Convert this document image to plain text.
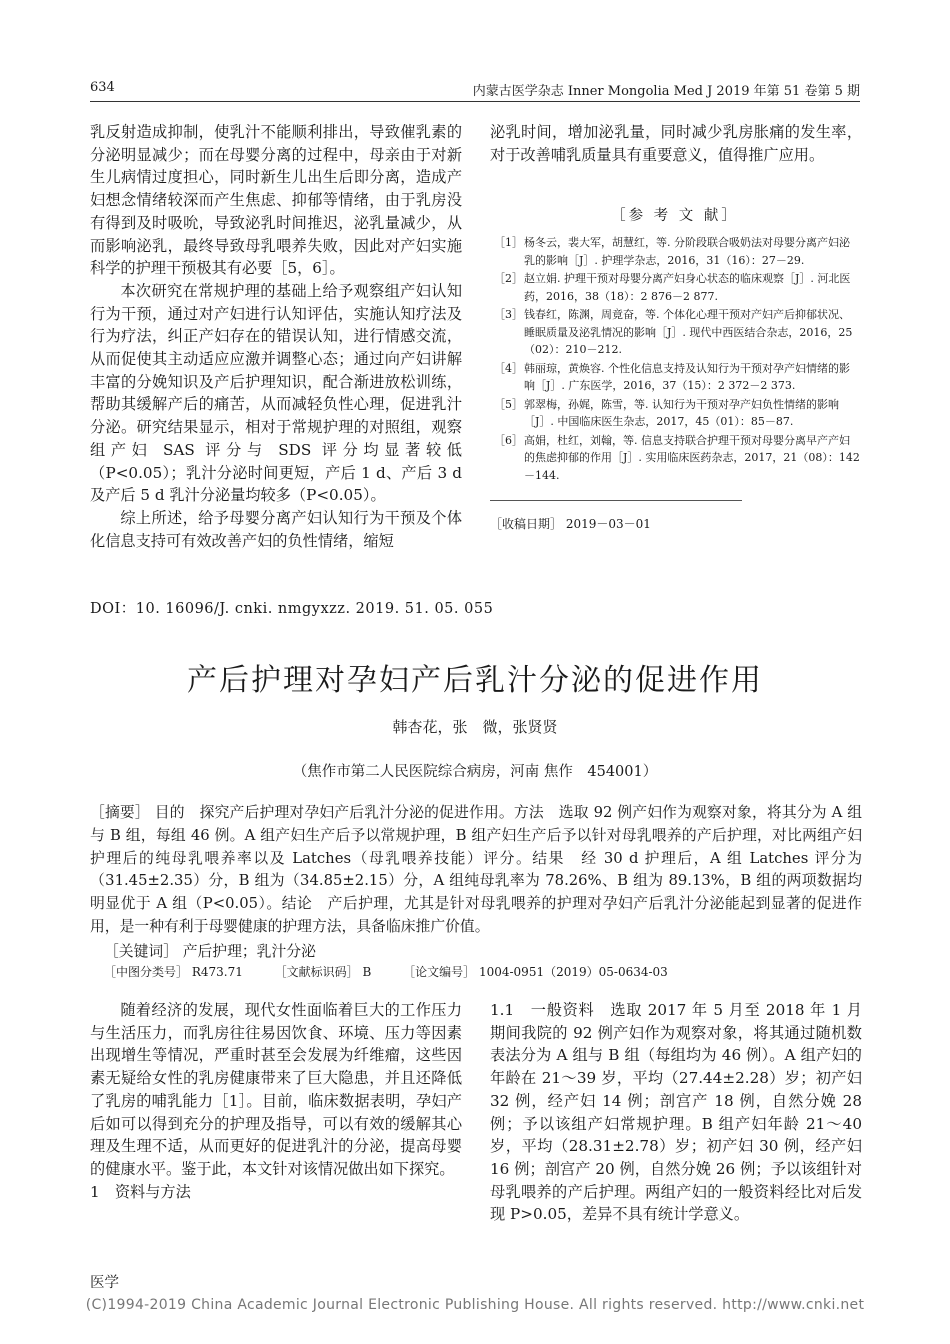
634	内蒙古医学杂志 Inner Mongolia Med J 2019 年第 51 卷第 5 期

乳反射造成抑制，使乳汁不能顺利排出，导致催乳素的分泌明显减少；而在母婴分离的过程中，母亲由于对新生儿病情过度担心，同时新生儿出生后即分离，造成产妇想念情绪较深而产生焦虑、抑郁等情绪，由于乳房没有得到及时吸吮，导致泌乳时间推迟，泌乳量减少，从而影响泌乳，最终导致母乳喂养失败，因此对产妇实施科学的护理干预极其有必要［5，6］。

本次研究在常规护理的基础上给予观察组产妇认知行为干预，通过对产妇进行认知评估，实施认知疗法及行为疗法，纠正产妇存在的错误认知，进行情感交流，从而促使其主动适应应激并调整心态；通过向产妇讲解丰富的分娩知识及产后护理知识，配合渐进放松训练，帮助其缓解产后的痛苦，从而减轻负性心理，促进乳汁分泌。研究结果显示，相对于常规护理的对照组，观察组产妇 SAS 评分与 SDS 评分均显著较低（P<0.05）；乳汁分泌时间更短，产后 1 d、产后 3 d 及产后 5 d 乳汁分泌量均较多（P<0.05）。

综上所述，给予母婴分离产妇认知行为干预及个体化信息支持可有效改善产妇的负性情绪，缩短

泌乳时间，增加泌乳量，同时减少乳房胀痛的发生率，对于改善哺乳质量具有重要意义，值得推广应用。

［参 考 文 献］
［1］ 杨冬云，裴大军，胡慧红，等. 分阶段联合吸奶法对母婴分离产妇泌乳的影响［J］. 护理学杂志，2016，31（16）：27－29.
［2］ 赵立娟. 护理干预对母婴分离产妇身心状态的临床观察［J］. 河北医药，2016，38（18）：2 876－2 877.
［3］ 钱春红，陈渊，周竟奋，等. 个体化心理干预对产妇产后抑郁状况、睡眠质量及泌乳情况的影响［J］. 现代中西医结合杂志，2016，25（02）：210－212.
［4］ 韩丽琼，黄焕容. 个性化信息支持及认知行为干预对孕产妇情绪的影响［J］. 广东医学，2016，37（15）：2 372－2 373.
［5］ 郭翠梅，孙娓，陈雪，等. 认知行为干预对孕产妇负性情绪的影响［J］. 中国临床医生杂志，2017，45（01）：85－87.
［6］ 高娟，杜红，刘翰，等. 信息支持联合护理干预对母婴分离早产产妇的焦虑抑郁的作用［J］. 实用临床医药杂志，2017，21（08）：142－144.
［收稿日期］ 2019－03－01
DOI：10. 16096/J. cnki. nmgyxzz. 2019. 51. 05. 055
产后护理对孕妇产后乳汁分泌的促进作用
韩杏花，张　微，张贤贤
（焦作市第二人民医院综合病房，河南 焦作　454001）

［摘要］ 目的　探究产后护理对孕妇产后乳汁分泌的促进作用。方法　选取 92 例产妇作为观察对象，将其分为 A 组与 B 组，每组 46 例。A 组产妇生产后予以常规护理，B 组产妇生产后予以针对母乳喂养的产后护理，对比两组产妇护理后的纯母乳喂养率以及 Latches（母乳喂养技能）评分。结果　经 30 d 护理后，A 组 Latches 评分为（31.45±2.35）分，B 组为（34.85±2.15）分，A 组纯母乳率为 78.26%、B 组为 89.13%，B 组的两项数据均明显优于 A 组（P<0.05）。结论　产后护理，尤其是针对母乳喂养的护理对孕妇产后乳汁分泌能起到显著的促进作用，是一种有利于母婴健康的护理方法，具备临床推广价值。

［关键词］ 产后护理；乳汁分泌
［中图分类号］ R473.71	［文献标识码］ B	［论文编号］ 1004-0951（2019）05-0634-03

随着经济的发展，现代女性面临着巨大的工作压力与生活压力，而乳房往往易因饮食、环境、压力等因素出现增生等情况，严重时甚至会发展为纤维瘤，这些因素无疑给女性的乳房健康带来了巨大隐患，并且还降低了乳房的哺乳能力［1］。目前，临床数据表明，孕妇产后如可以得到充分的护理及指导，可以有效的缓解其心理及生理不适，从而更好的促进乳汁的分泌，提高母婴的健康水平。鉴于此，本文针对该情况做出如下探究。

1　资料与方法

1.1　一般资料　选取 2017 年 5 月至 2018 年 1 月期间我院的 92 例产妇作为观察对象，将其通过随机数表法分为 A 组与 B 组（每组均为 46 例）。A 组产妇的年龄在 21～39 岁，平均（27.44±2.28）岁；初产妇 32 例，经产妇 14 例；剖宫产 18 例，自然分娩 28 例；予以该组产妇常规护理。B 组产妇年龄 21～40 岁，平均（28.31±2.78）岁；初产妇 30 例，经产妇 16 例；剖宫产 20 例，自然分娩 26 例；予以该组针对母乳喂养的产后护理。两组产妇的一般资料经比对后发现 P>0.05，差异不具有统计学意义。

医学
(C)1994-2019 China Academic Journal Electronic Publishing House. All rights reserved. http://www.cnki.net
